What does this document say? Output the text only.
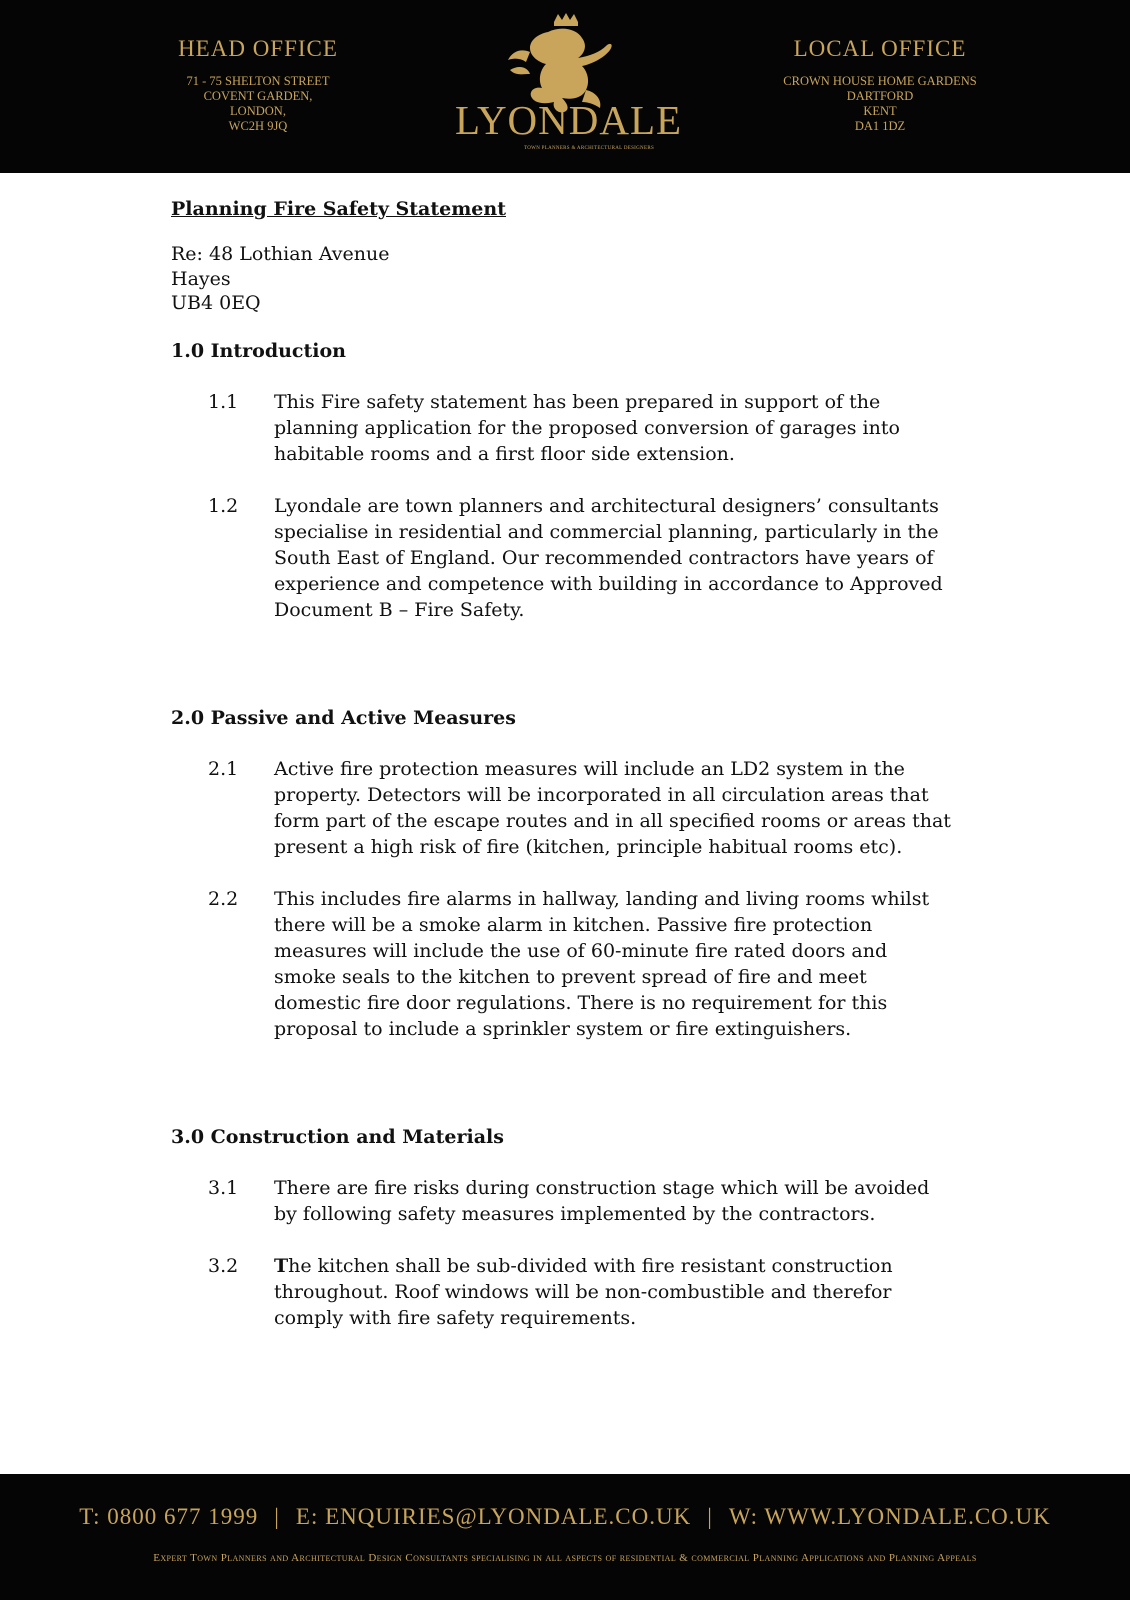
HEAD OFFICE
71 - 75 SHELTON STREET
COVENT GARDEN,
LONDON,
WC2H 9JQ	LYONDALE
TOWN PLANNERS & ARCHITECTURAL DESIGNERS
LOCAL OFFICE
CROWN HOUSE HOME GARDENS
DARTFORD
KENT
DA1 1DZ
Planning Fire Safety Statement
Re: 48 Lothian Avenue
Hayes
UB4 0EQ
1.0 Introduction
1.1 This Fire safety statement has been prepared in support of the planning application for the proposed conversion of garages into habitable rooms and a first floor side extension.

1.2 Lyondale are town planners and architectural designers’ consultants specialise in residential and commercial planning, particularly in the South East of England. Our recommended contractors have years of experience and competence with building in accordance to Approved Document B – Fire Safety.

2.0 Passive and Active Measures
2.1 Active fire protection measures will include an LD2 system in the property. Detectors will be incorporated in all circulation areas that form part of the escape routes and in all specified rooms or areas that present a high risk of fire (kitchen, principle habitual rooms etc).

2.2 This includes fire alarms in hallway, landing and living rooms whilst there will be a smoke alarm in kitchen. Passive fire protection measures will include the use of 60-minute fire rated doors and smoke seals to the kitchen to prevent spread of fire and meet domestic fire door regulations. There is no requirement for this proposal to include a sprinkler system or fire extinguishers.

3.0 Construction and Materials
3.1 There are fire risks during construction stage which will be avoided by following safety measures implemented by the contractors.

3.2 The kitchen shall be sub-divided with fire resistant construction throughout. Roof windows will be non-combustible and therefor comply with fire safety requirements.

T: 0800 677 1999 | E: ENQUIRIES@LYONDALE.CO.UK | W: WWW.LYONDALE.CO.UK
Expert Town Planners and Architectural Design Consultants specialising in all aspects of residential & commercial Planning Applications and Planning Appeals
